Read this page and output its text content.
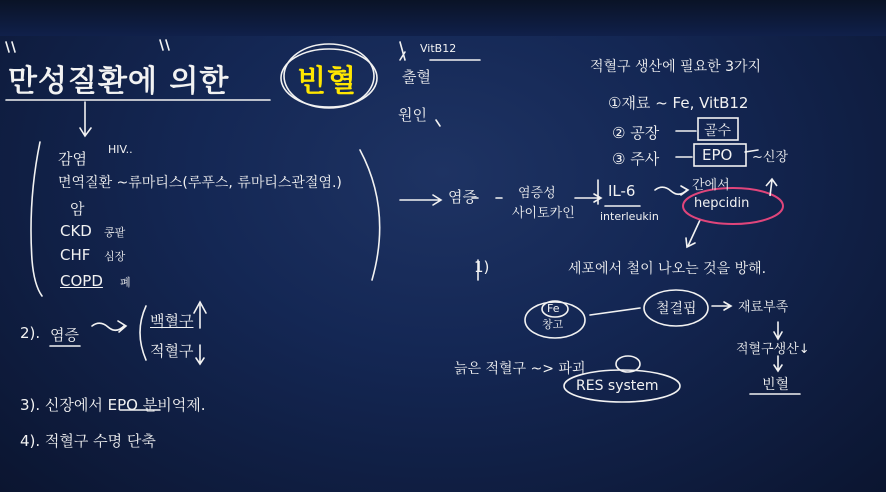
만성질환에 의한 빈혈
VitB12
출혈
원인
감염
HIV..
면역질환 ~류마티스(루푸스, 류마티스관절염.)
암
CKD 콩팥
CHF 심장
COPD 폐
2). 염증
백혈구
적혈구
3). 신장에서 EPO 분비억제.
4). 적혈구 수명 단축
염증	염증성
사이토카인
IL-6
interleukin
간에서
hepcidin
적혈구 생산에 필요한 3가지
①재료 ~ Fe, VitB12
② 공장	골수
③ 주사	EPO ~신장
1)	세포에서 철이 나오는 것을 방해.
Fe
창고
철결핍	재료부족
적혈구생산↓
빈혈
늙은 적혈구 ~> 파괴
RES system
